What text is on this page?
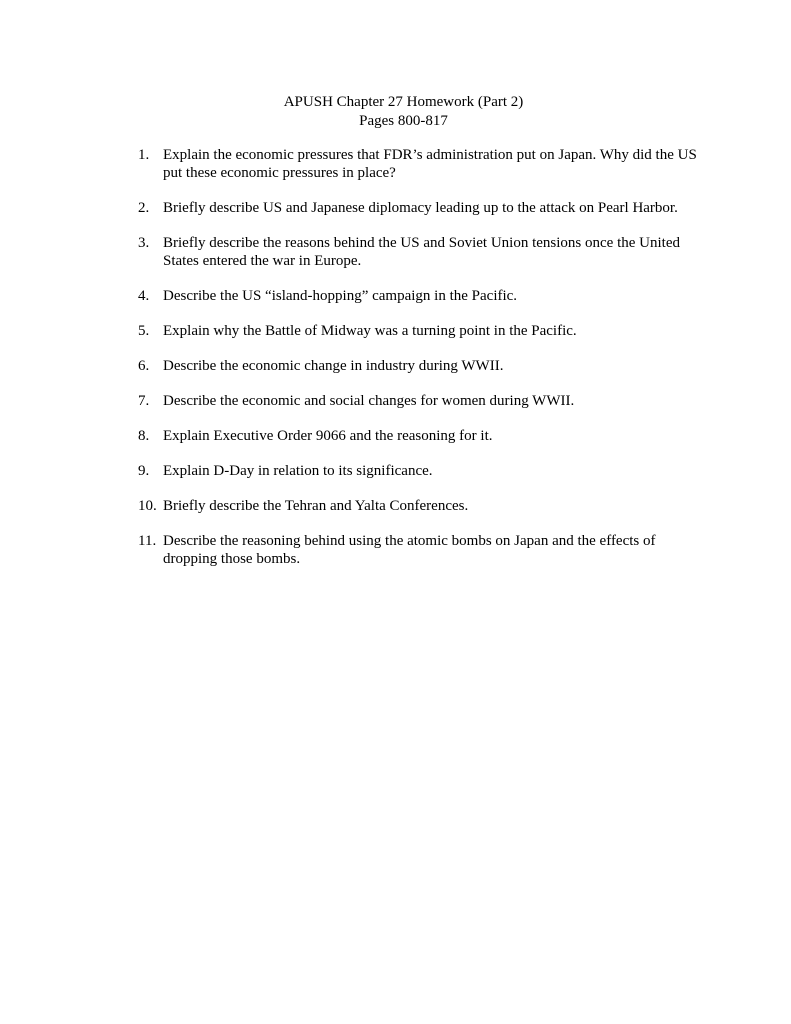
APUSH Chapter 27 Homework (Part 2)
Pages 800-817
1. Explain the economic pressures that FDR’s administration put on Japan. Why did the US put these economic pressures in place?
2. Briefly describe US and Japanese diplomacy leading up to the attack on Pearl Harbor.
3. Briefly describe the reasons behind the US and Soviet Union tensions once the United States entered the war in Europe.
4. Describe the US “island-hopping” campaign in the Pacific.
5. Explain why the Battle of Midway was a turning point in the Pacific.
6. Describe the economic change in industry during WWII.
7. Describe the economic and social changes for women during WWII.
8. Explain Executive Order 9066 and the reasoning for it.
9. Explain D-Day in relation to its significance.
10. Briefly describe the Tehran and Yalta Conferences.
11. Describe the reasoning behind using the atomic bombs on Japan and the effects of dropping those bombs.
